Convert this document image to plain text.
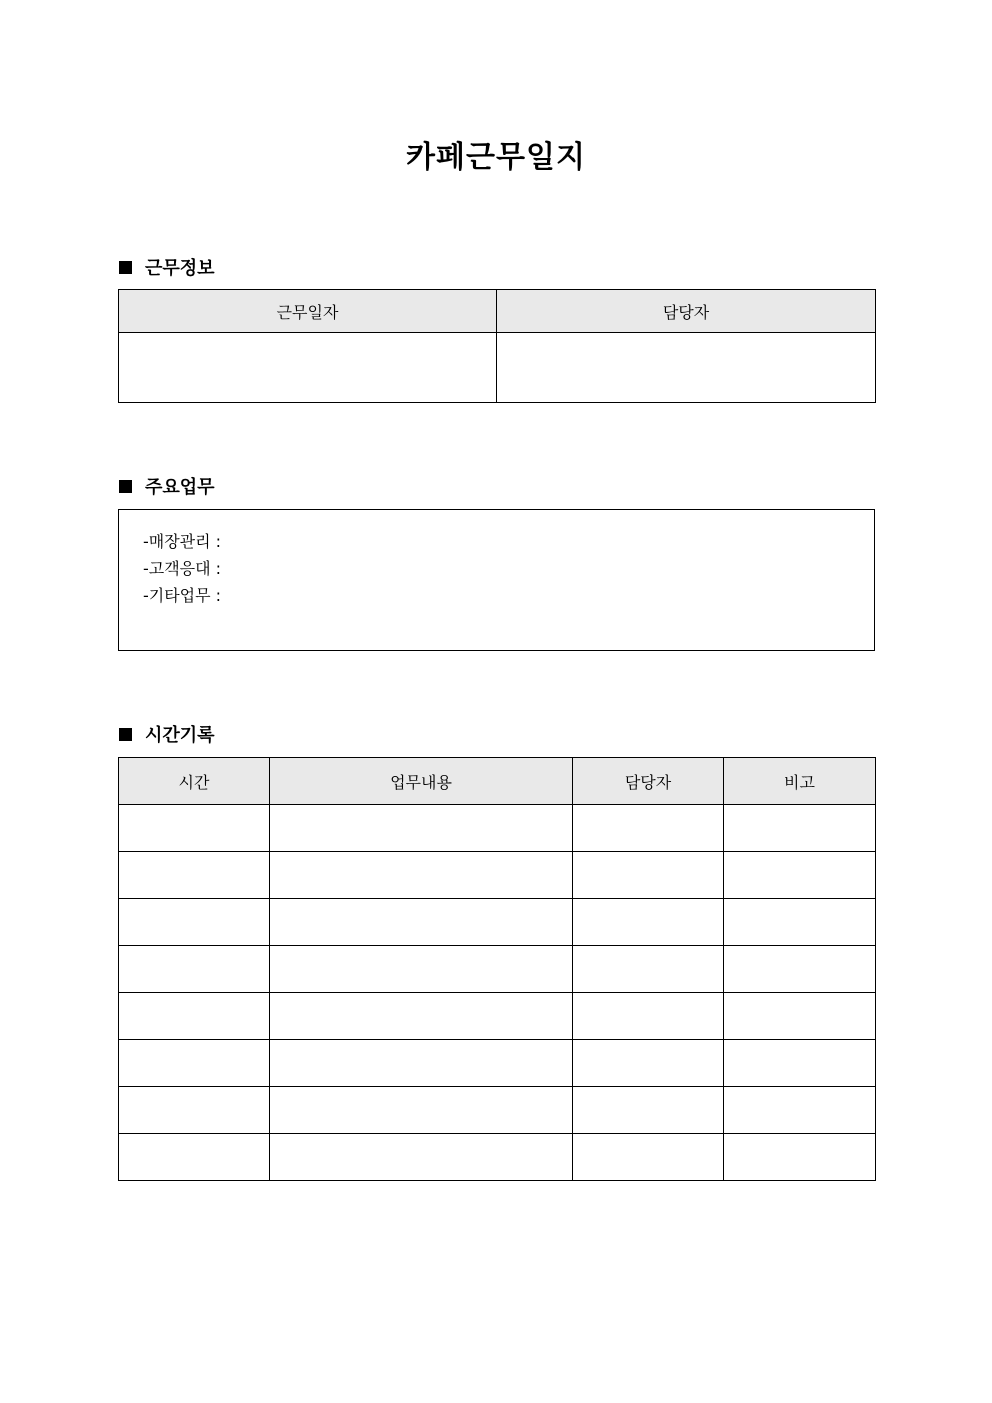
카페근무일지
근무정보
근무일자	담당자

주요업무
-매장관리 :
-고객응대 :
-기타업무 :
시간기록
시간	업무내용	담당자	비고
